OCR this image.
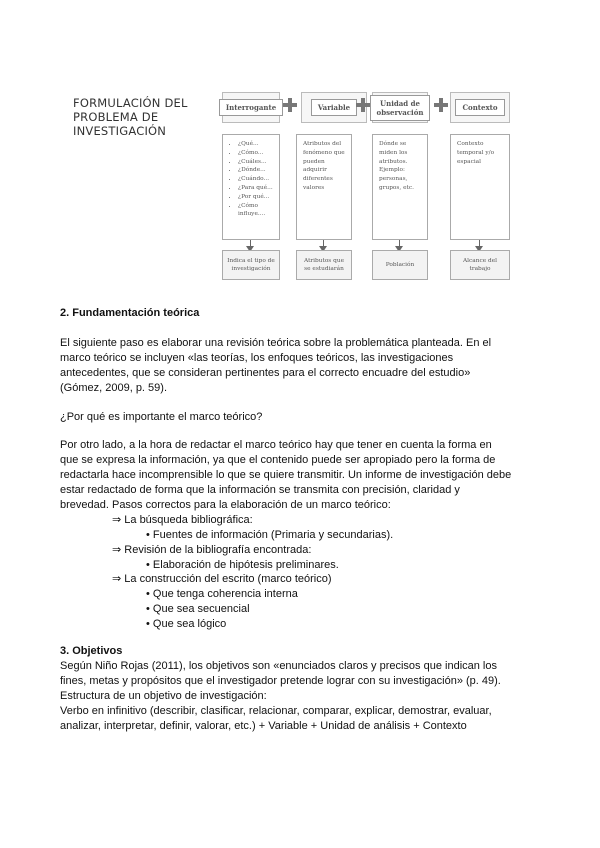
FORMULACIÓN DEL
PROBLEMA DE
INVESTIGACIÓN
Interrogante	Variable	Unidad de observación	Contexto
• ¿Qué...
• ¿Cómo...
• ¿Cuáles...
• ¿Dónde...
• ¿Cuándo...
• ¿Para qué...
• ¿Por qué...
• ¿Cómo influye....
Atributos del fenómeno que pueden adquirir diferentes valores
Dónde se miden los atributos. Ejemplo: personas, grupos, etc.
Contexto temporal y/o espacial
Indica el tipo de investigación
Atributos que se estudiarán
Población
Alcance del trabajo
2. Fundamentación teórica
El siguiente paso es elaborar una revisión teórica sobre la problemática planteada. En el
marco teórico se incluyen «las teorías, los enfoques teóricos, las investigaciones
antecedentes, que se consideran pertinentes para el correcto encuadre del estudio»
(Gómez, 2009, p. 59).
¿Por qué es importante el marco teórico?
Por otro lado, a la hora de redactar el marco teórico hay que tener en cuenta la forma en
que se expresa la información, ya que el contenido puede ser apropiado pero la forma de
redactarla hace incomprensible lo que se quiere transmitir. Un informe de investigación debe
estar redactado de forma que la información se transmita con precisión, claridad y
brevedad. Pasos correctos para la elaboración de un marco teórico:
⇒ La búsqueda bibliográfica:
• Fuentes de información (Primaria y secundarias).
⇒ Revisión de la bibliografía encontrada:
• Elaboración de hipótesis preliminares.
⇒ La construcción del escrito (marco teórico)
• Que tenga coherencia interna
• Que sea secuencial
• Que sea lógico
3. Objetivos
Según Niño Rojas (2011), los objetivos son «enunciados claros y precisos que indican los
fines, metas y propósitos que el investigador pretende lograr con su investigación» (p. 49).
Estructura de un objetivo de investigación:
Verbo en infinitivo (describir, clasificar, relacionar, comparar, explicar, demostrar, evaluar,
analizar, interpretar, definir, valorar, etc.) + Variable + Unidad de análisis + Contexto
